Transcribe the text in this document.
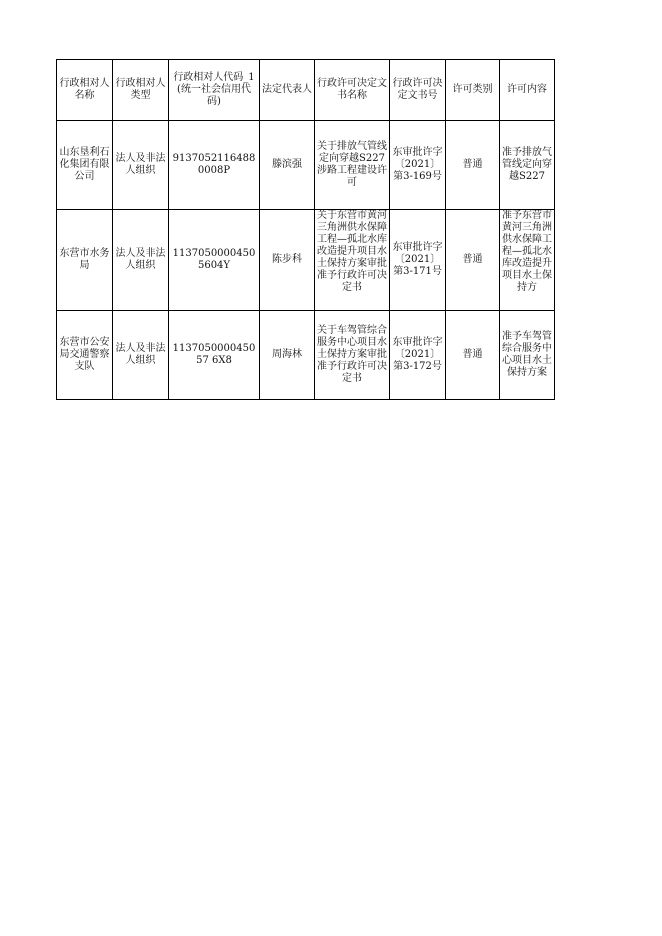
行政相对人名称	行政相对人类型	行政相对人代码_1(统一社会信用代码)	法定代表人	行政许可决定文书名称	行政许可决定文书号	许可类别	许可内容
山东垦利石化集团有限公司	法人及非法人组织	91370521164880008P	滕滨强	关于排放气管线定向穿越S227涉路工程建设许可	东审批许字〔2021〕第3-169号	普通	准予排放气管线定向穿越S227
东营市水务局	法人及非法人组织	11370500004505604Y	陈步科	关于东营市黄河三角洲供水保障工程—孤北水库改造提升项目水土保持方案审批准予行政许可决定书	东审批许字〔2021〕第3-171号	普通	准予东营市黄河三角洲供水保障工程—孤北水库改造提升项目水土保持方

东营市公安局交通警察支队	法人及非法人组织	113705000045057 6X8	周海林	关于车驾管综合服务中心项目水土保持方案审批准予行政许可决定书	东审批许字〔2021〕第3-172号	普通	准予车驾管综合服务中心项目水土保持方案
